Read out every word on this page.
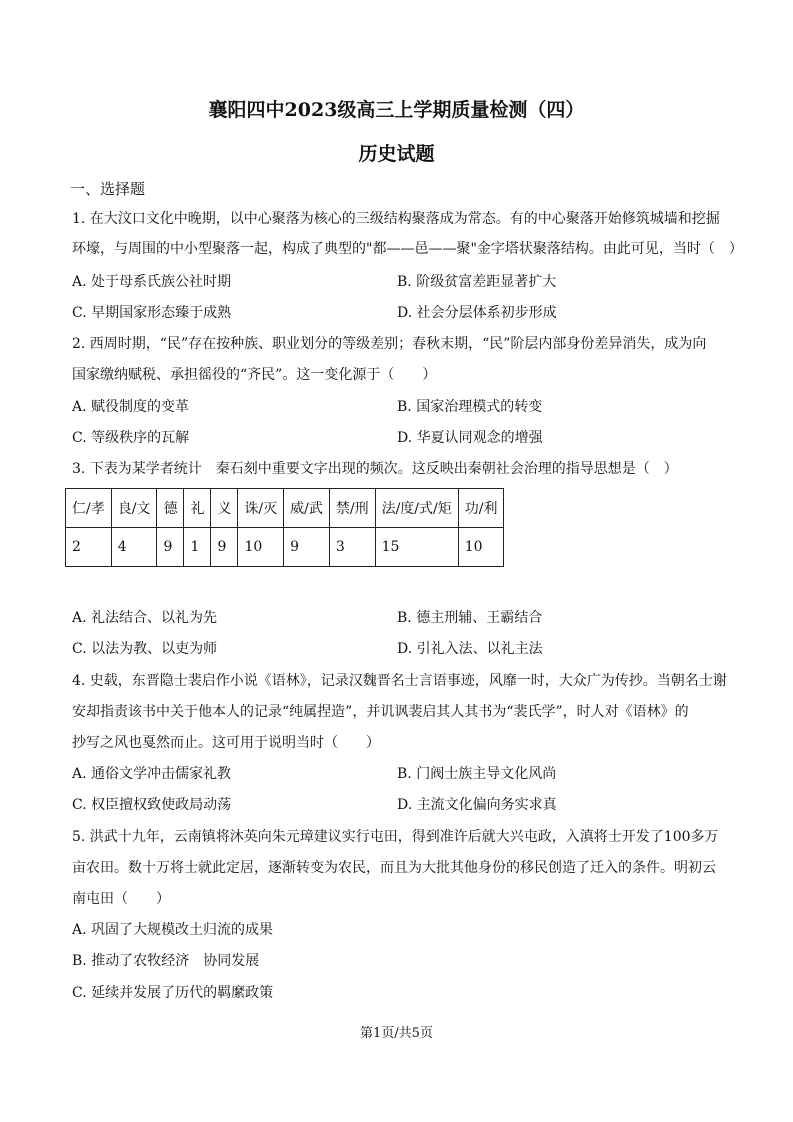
襄阳四中2023级高三上学期质量检测（四）
历史试题
一、选择题
1. 在大汶口文化中晚期，以中心聚落为核心的三级结构聚落成为常态。有的中心聚落开始修筑城墙和挖掘
环壕，与周围的中小型聚落一起，构成了典型的"都——邑——聚"金字塔状聚落结构。由此可见，当时（　）
A. 处于母系氏族公社时期	B. 阶级贫富差距显著扩大
C. 早期国家形态臻于成熟	D. 社会分层体系初步形成
2. 西周时期，“民”存在按种族、职业划分的等级差别；春秋末期，“民”阶层内部身份差异消失，成为向
国家缴纳赋税、承担徭役的“齐民”。这一变化源于（　　）
A. 赋役制度的变革	B. 国家治理模式的转变
C. 等级秩序的瓦解	D. 华夏认同观念的增强
3. 下表为某学者统计　秦石刻中重要文字出现的频次。这反映出秦朝社会治理的指导思想是（　）
仁/孝	良/文	德	礼	义	诛/灭	威/武	禁/刑	法/度/式/矩	功/利
2	4	9	1	9	10	9	3	15	10
A. 礼法结合、以礼为先	B. 德主刑辅、王霸结合
C. 以法为教、以吏为师	D. 引礼入法、以礼主法
4. 史载，东晋隐士裴启作小说《语林》，记录汉魏晋名士言语事迹，风靡一时，大众广为传抄。当朝名士谢
安却指责该书中关于他本人的记录“纯属捏造”，并讥讽裴启其人其书为“裴氏学”，时人对《语林》的
抄写之风也戛然而止。这可用于说明当时（　　）
A. 通俗文学冲击儒家礼教	B. 门阀士族主导文化风尚
C. 权臣擅权致使政局动荡	D. 主流文化偏向务实求真
5. 洪武十九年，云南镇将沐英向朱元璋建议实行屯田，得到准许后就大兴屯政，入滇将士开发了100多万
亩农田。数十万将士就此定居，逐渐转变为农民，而且为大批其他身份的移民创造了迁入的条件。明初云
南屯田（　　）
A. 巩固了大规模改土归流的成果
B. 推动了农牧经济　协同发展
C. 延续并发展了历代的羁縻政策
第1页/共5页
